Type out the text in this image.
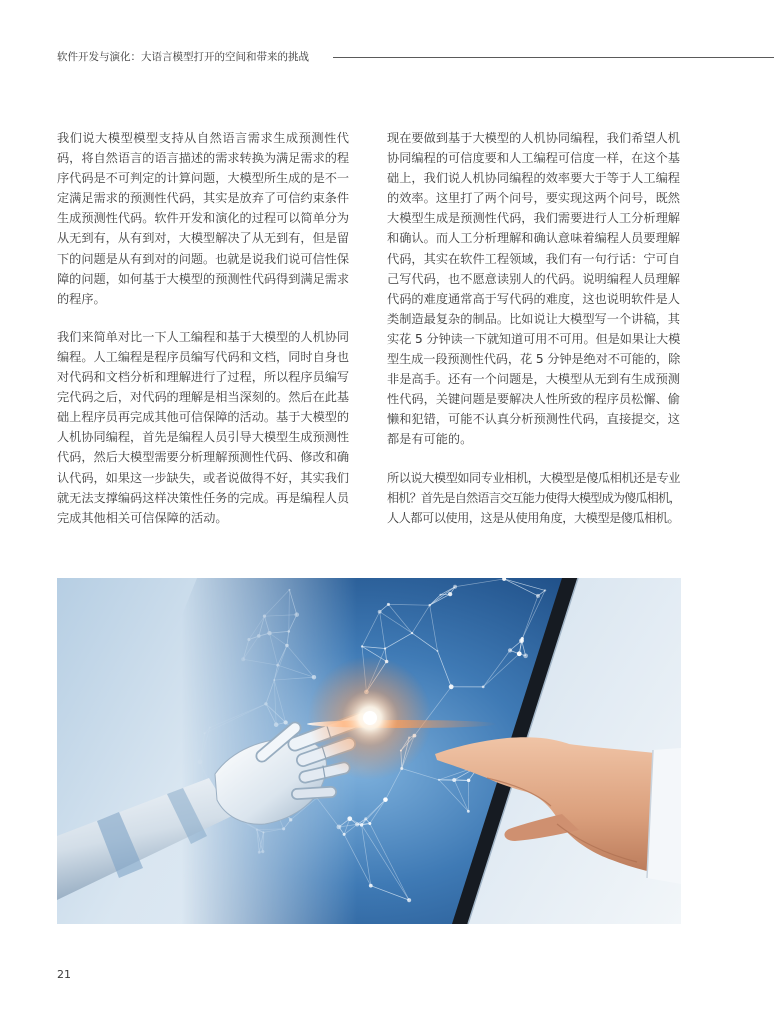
软件开发与演化：大语言模型打开的空间和带来的挑战
我们说大模型模型支持从自然语言需求生成预测性代
码，将自然语言的语言描述的需求转换为满足需求的程
序代码是不可判定的计算问题，大模型所生成的是不一
定满足需求的预测性代码，其实是放弃了可信约束条件
生成预测性代码。软件开发和演化的过程可以简单分为
从无到有，从有到对，大模型解决了从无到有，但是留
下的问题是从有到对的问题。也就是说我们说可信性保
障的问题，如何基于大模型的预测性代码得到满足需求
的程序。
我们来简单对比一下人工编程和基于大模型的人机协同
编程。人工编程是程序员编写代码和文档，同时自身也
对代码和文档分析和理解进行了过程，所以程序员编写
完代码之后，对代码的理解是相当深刻的。然后在此基
础上程序员再完成其他可信保障的活动。基于大模型的
人机协同编程，首先是编程人员引导大模型生成预测性
代码，然后大模型需要分析理解预测性代码、修改和确
认代码，如果这一步缺失，或者说做得不好，其实我们
就无法支撑编码这样决策性任务的完成。再是编程人员
完成其他相关可信保障的活动。
现在要做到基于大模型的人机协同编程，我们希望人机
协同编程的可信度要和人工编程可信度一样，在这个基
础上，我们说人机协同编程的效率要大于等于人工编程
的效率。这里打了两个问号，要实现这两个问号，既然
大模型生成是预测性代码，我们需要进行人工分析理解
和确认。而人工分析理解和确认意味着编程人员要理解
代码，其实在软件工程领域，我们有一句行话：宁可自
己写代码，也不愿意读别人的代码。说明编程人员理解
代码的难度通常高于写代码的难度，这也说明软件是人
类制造最复杂的制品。比如说让大模型写一个讲稿，其
实花 5 分钟读一下就知道可用不可用。但是如果让大模
型生成一段预测性代码，花 5 分钟是绝对不可能的，除
非是高手。还有一个问题是，大模型从无到有生成预测
性代码，关键问题是要解决人性所致的程序员松懈、偷
懒和犯错，可能不认真分析预测性代码，直接提交，这
都是有可能的。
所以说大模型如同专业相机，大模型是傻瓜相机还是专业
相机？首先是自然语言交互能力使得大模型成为傻瓜相机，
人人都可以使用，这是从使用角度，大模型是傻瓜相机。
21
